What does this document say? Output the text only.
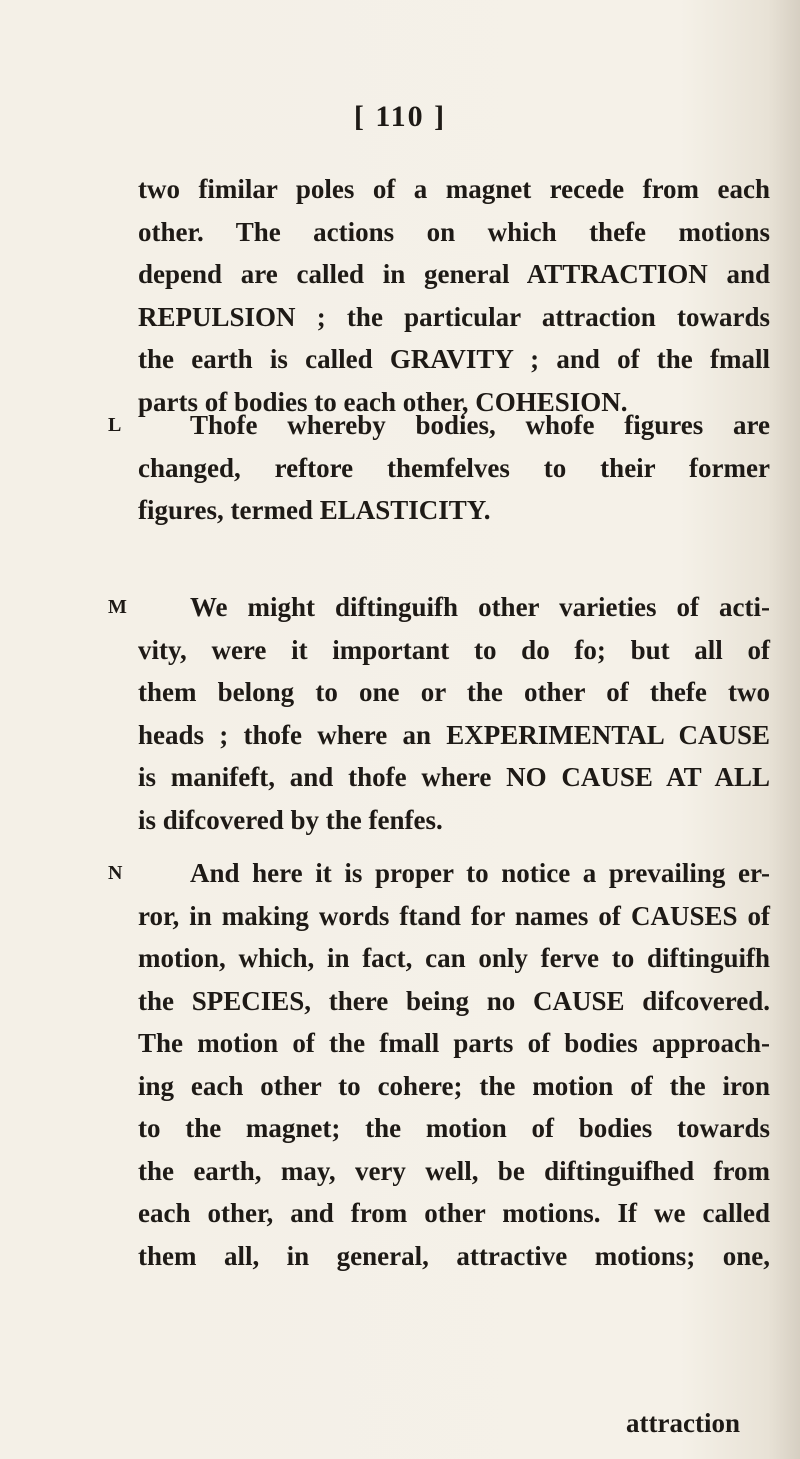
[ 110 ]
two fimilar poles of a magnet recede from each
other. The actions on which thefe motions
depend are called in general ATTRACTION and
REPULSION ; the particular attraction towards
the earth is called GRAVITY ; and of the fmall
parts of bodies to each other, COHESION.
L	Thofe whereby bodies, whofe figures are
changed, reftore themfelves to their former
figures, termed ELASTICITY.
M	We might diftinguifh other varieties of acti-
vity, were it important to do fo; but all of
them belong to one or the other of thefe two
heads ; thofe where an EXPERIMENTAL CAUSE
is manifeft, and thofe where NO CAUSE AT ALL
is difcovered by the fenfes.
N	And here it is proper to notice a prevailing er-
ror, in making words ftand for names of CAUSES of
motion, which, in fact, can only ferve to diftinguifh
the SPECIES, there being no CAUSE difcovered.
The motion of the fmall parts of bodies approach-
ing each other to cohere; the motion of the iron
to the magnet; the motion of bodies towards
the earth, may, very well, be diftinguifhed from
each other, and from other motions. If we called
them all, in general, attractive motions; one,
attraction
